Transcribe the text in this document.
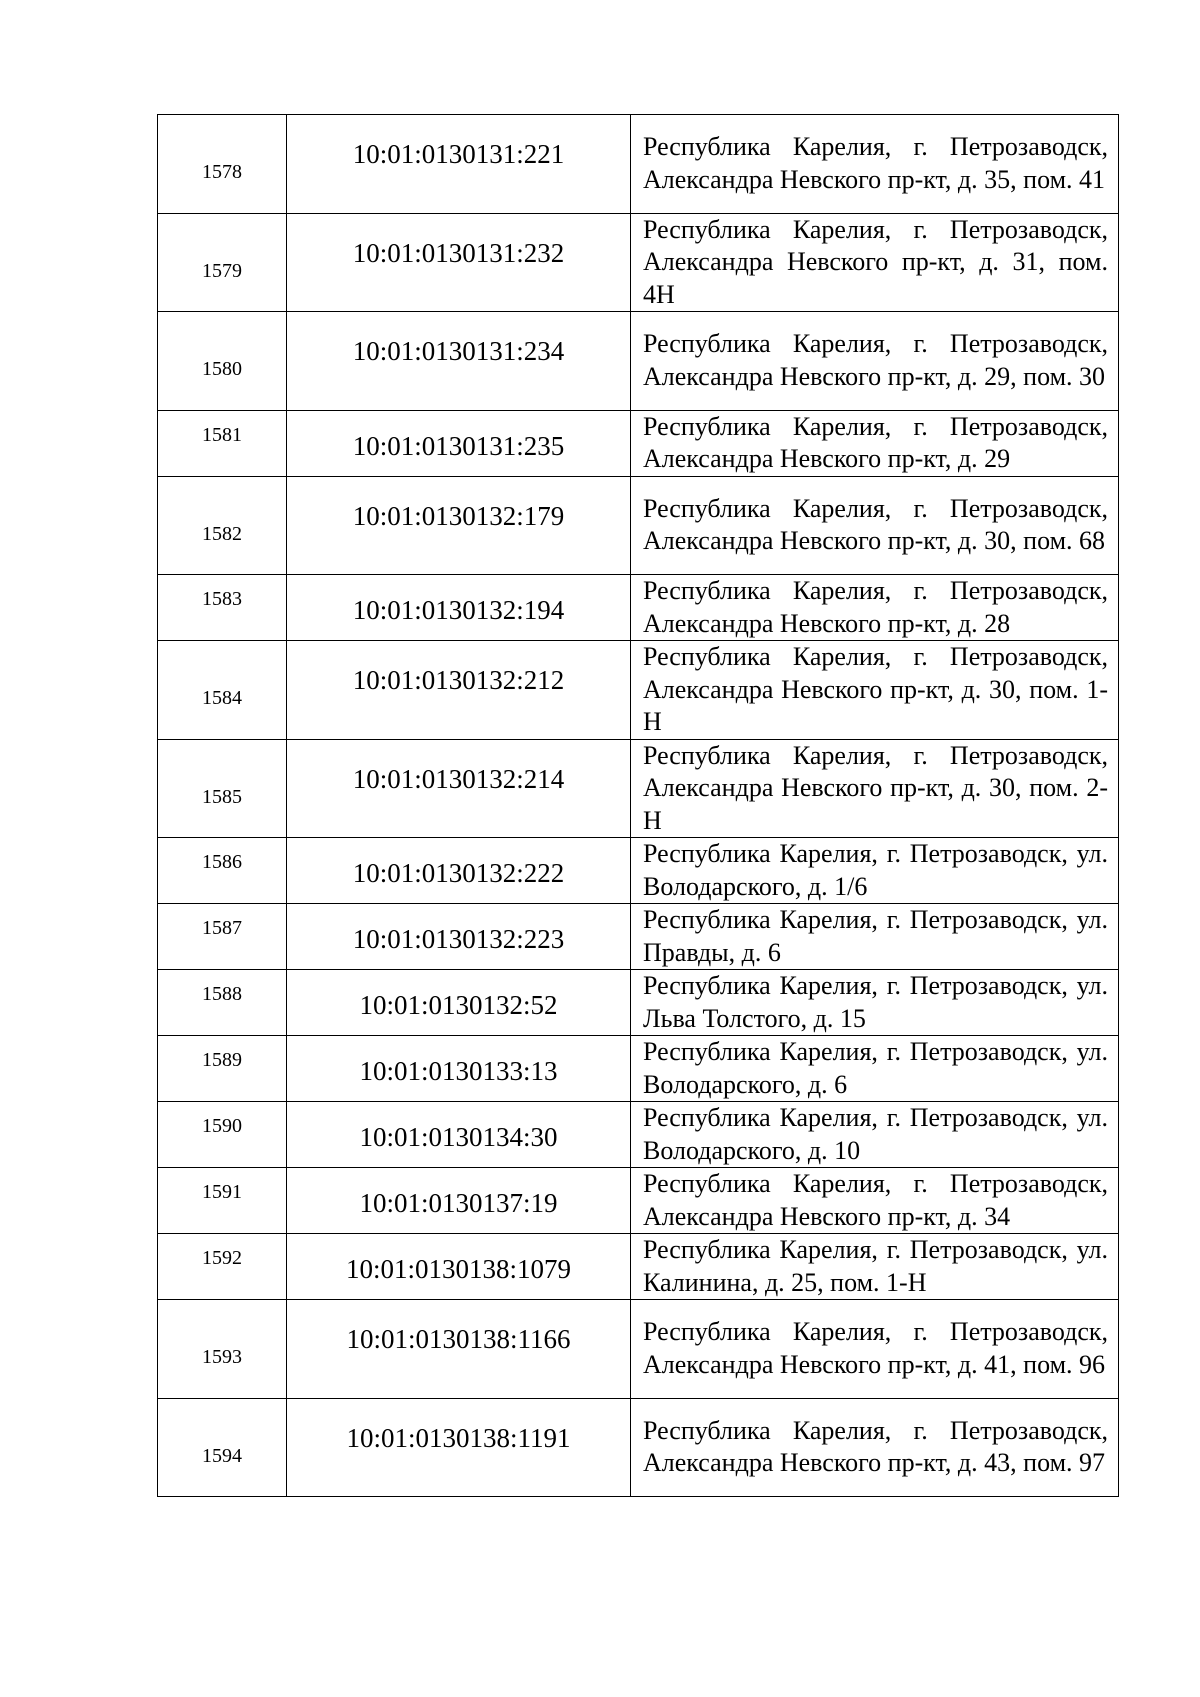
1578	10:01:0130131:221	Республика Карелия, г. Петрозаводск, Александра Невского пр-кт, д. 35, пом. 41

1579	10:01:0130131:232	Республика Карелия, г. Петрозаводск, Александра Невского пр-кт, д. 31, пом. 4Н

1580	10:01:0130131:234	Республика Карелия, г. Петрозаводск, Александра Невского пр-кт, д. 29, пом. 30

1581	10:01:0130131:235	Республика Карелия, г. Петрозаводск, Александра Невского пр-кт, д. 29

1582	10:01:0130132:179	Республика Карелия, г. Петрозаводск, Александра Невского пр-кт, д. 30, пом. 68

1583	10:01:0130132:194	Республика Карелия, г. Петрозаводск, Александра Невского пр-кт, д. 28

1584	10:01:0130132:212	Республика Карелия, г. Петрозаводск, Александра Невского пр-кт, д. 30, пом. 1-Н

1585	10:01:0130132:214	Республика Карелия, г. Петрозаводск, Александра Невского пр-кт, д. 30, пом. 2-Н

1586	10:01:0130132:222	Республика Карелия, г. Петрозаводск, ул. Володарского, д. 1/6

1587	10:01:0130132:223	Республика Карелия, г. Петрозаводск, ул. Правды, д. 6

1588	10:01:0130132:52	Республика Карелия, г. Петрозаводск, ул. Льва Толстого, д. 15

1589	10:01:0130133:13	Республика Карелия, г. Петрозаводск, ул. Володарского, д. 6

1590	10:01:0130134:30	Республика Карелия, г. Петрозаводск, ул. Володарского, д. 10

1591	10:01:0130137:19	Республика Карелия, г. Петрозаводск, Александра Невского пр-кт, д. 34

1592	10:01:0130138:1079	Республика Карелия, г. Петрозаводск, ул. Калинина, д. 25, пом. 1-Н

1593	10:01:0130138:1166	Республика Карелия, г. Петрозаводск, Александра Невского пр-кт, д. 41, пом. 96

1594	10:01:0130138:1191	Республика Карелия, г. Петрозаводск, Александра Невского пр-кт, д. 43, пом. 97
